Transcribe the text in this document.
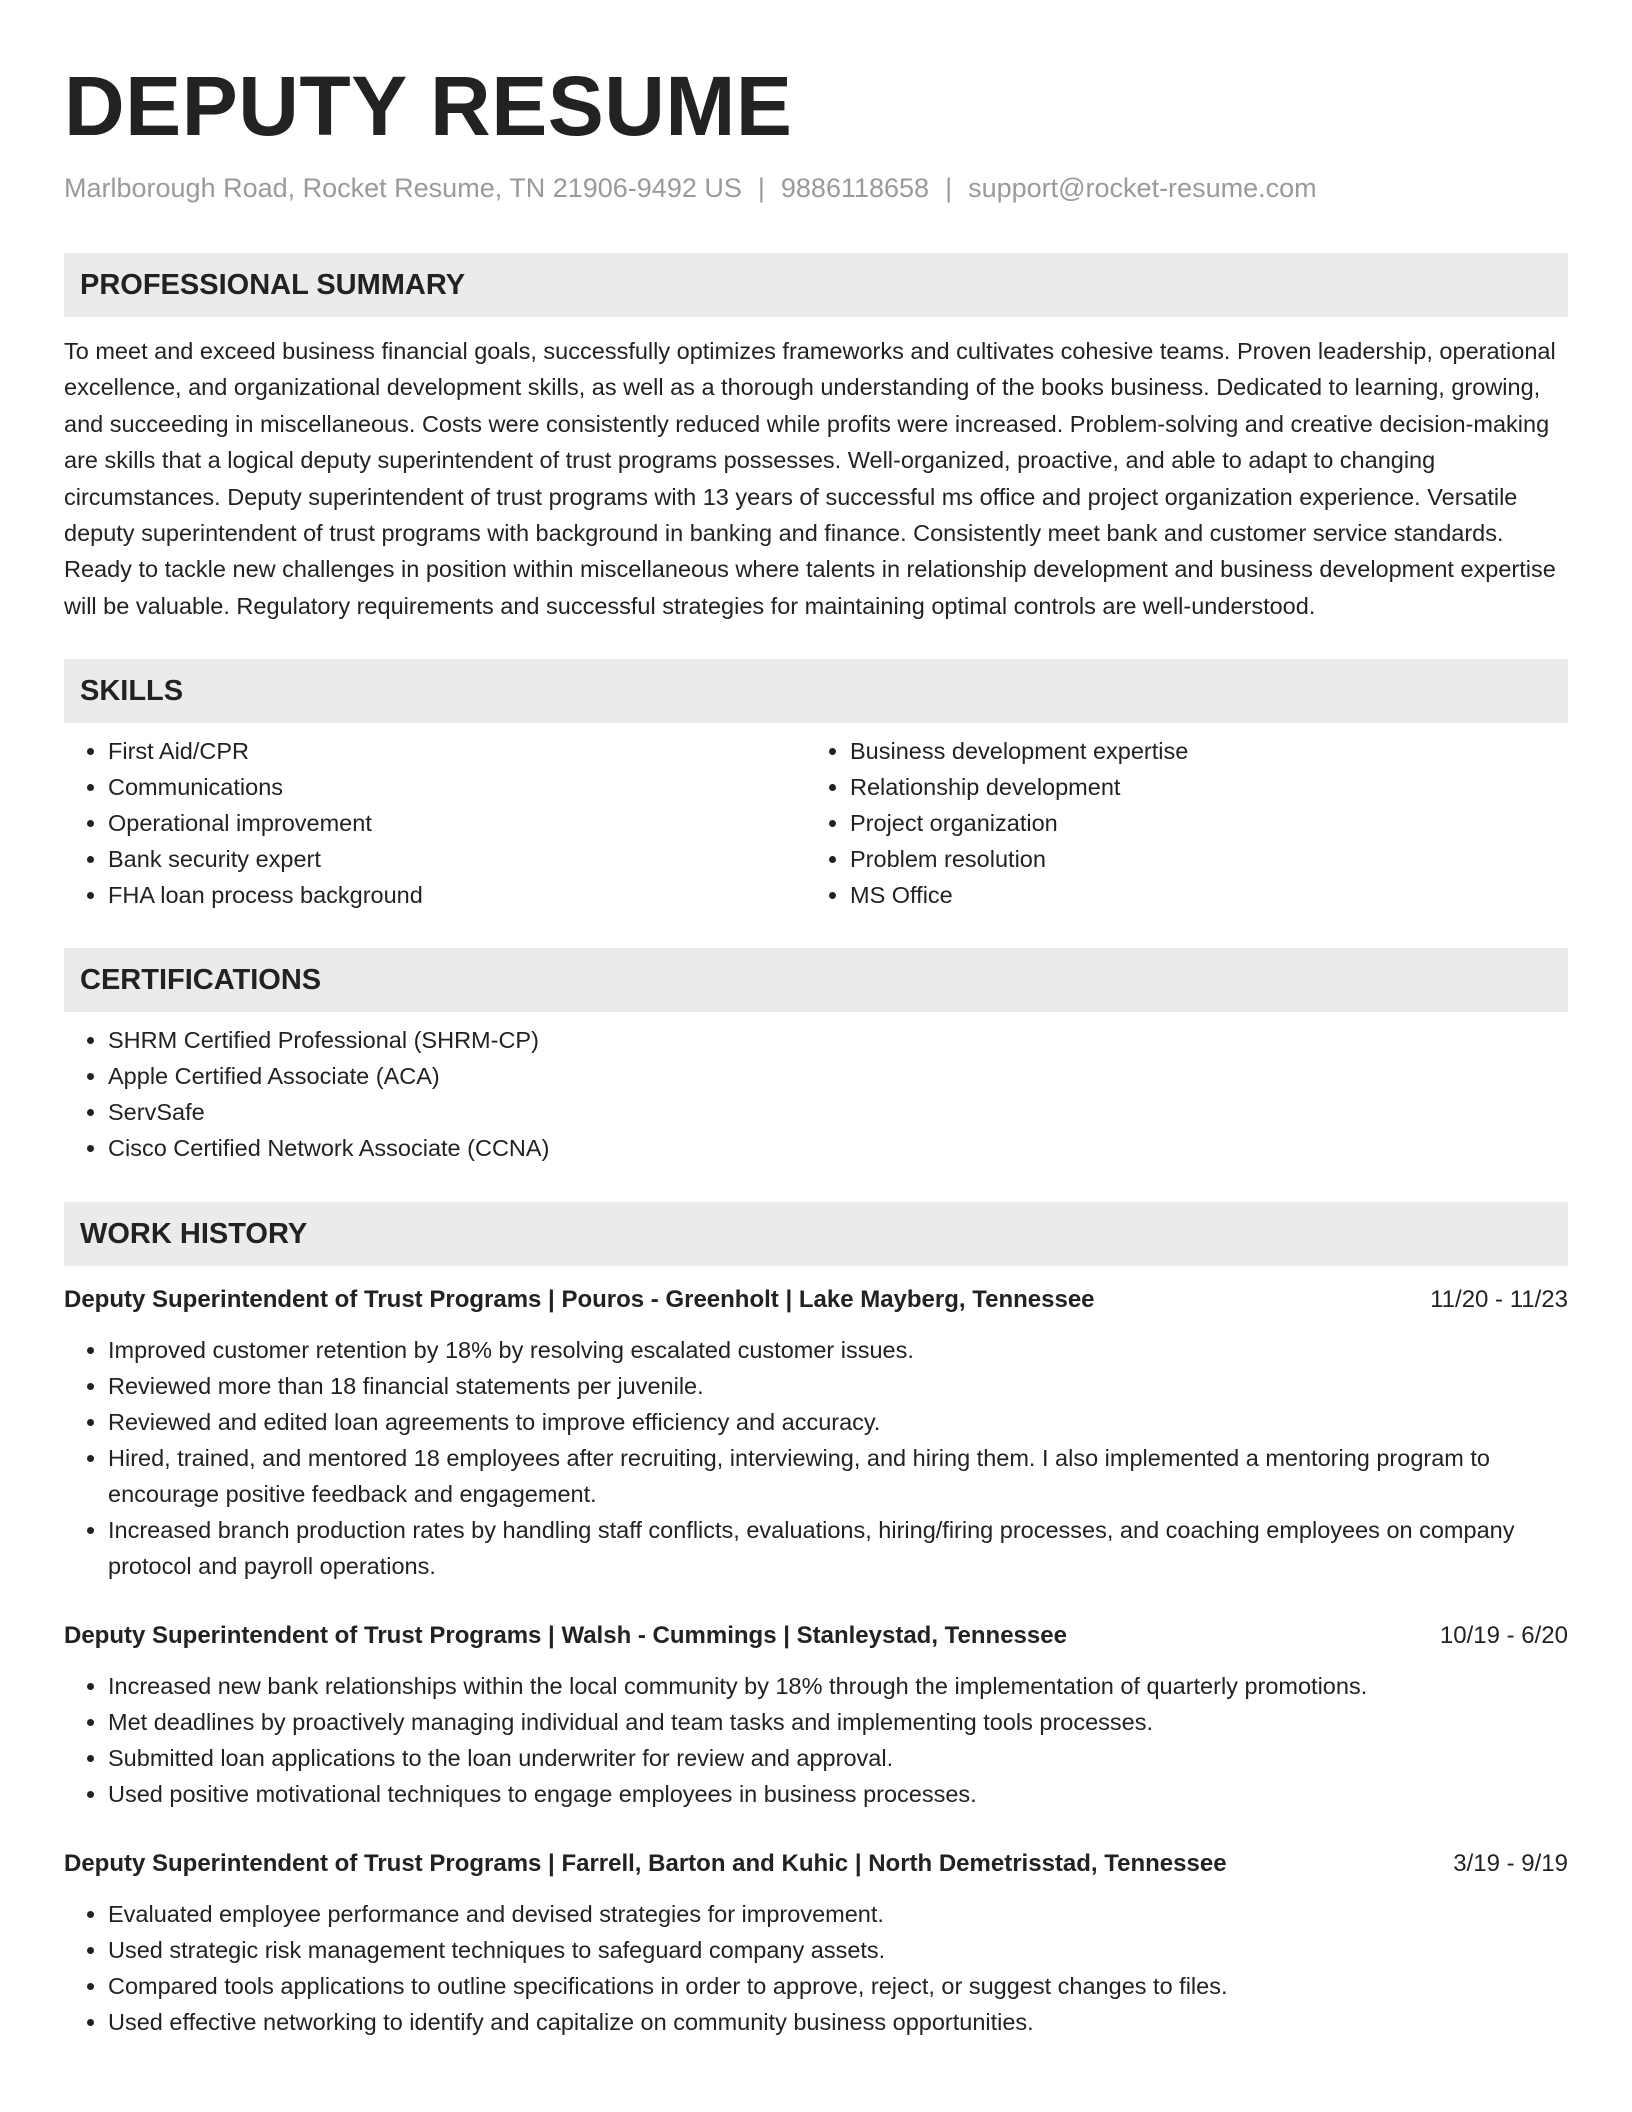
DEPUTY RESUME
Marlborough Road, Rocket Resume, TN 21906-9492 US | 9886118658 | support@rocket-resume.com
PROFESSIONAL SUMMARY

To meet and exceed business financial goals, successfully optimizes frameworks and cultivates cohesive teams. Proven leadership, operational excellence, and organizational development skills, as well as a thorough understanding of the books business. Dedicated to learning, growing, and succeeding in miscellaneous. Costs were consistently reduced while profits were increased. Problem-solving and creative decision-making are skills that a logical deputy superintendent of trust programs possesses. Well-organized, proactive, and able to adapt to changing circumstances. Deputy superintendent of trust programs with 13 years of successful ms office and project organization experience. Versatile deputy superintendent of trust programs with background in banking and finance. Consistently meet bank and customer service standards. Ready to tackle new challenges in position within miscellaneous where talents in relationship development and business development expertise will be valuable. Regulatory requirements and successful strategies for maintaining optimal controls are well-understood.

SKILLS
• First Aid/CPR
• Communications
• Operational improvement
• Bank security expert
• FHA loan process background
• Business development expertise
• Relationship development
• Project organization
• Problem resolution
• MS Office
CERTIFICATIONS
• SHRM Certified Professional (SHRM-CP)
• Apple Certified Associate (ACA)
• ServSafe
• Cisco Certified Network Associate (CCNA)
WORK HISTORY
Deputy Superintendent of Trust Programs | Pouros - Greenholt | Lake Mayberg, Tennessee	11/20 - 11/23
• Improved customer retention by 18% by resolving escalated customer issues.
• Reviewed more than 18 financial statements per juvenile.
• Reviewed and edited loan agreements to improve efficiency and accuracy.
• Hired, trained, and mentored 18 employees after recruiting, interviewing, and hiring them. I also implemented a mentoring program to encourage positive feedback and engagement.
• Increased branch production rates by handling staff conflicts, evaluations, hiring/firing processes, and coaching employees on company protocol and payroll operations.
Deputy Superintendent of Trust Programs | Walsh - Cummings | Stanleystad, Tennessee	10/19 - 6/20
• Increased new bank relationships within the local community by 18% through the implementation of quarterly promotions.
• Met deadlines by proactively managing individual and team tasks and implementing tools processes.
• Submitted loan applications to the loan underwriter for review and approval.
• Used positive motivational techniques to engage employees in business processes.
Deputy Superintendent of Trust Programs | Farrell, Barton and Kuhic | North Demetrisstad, Tennessee	3/19 - 9/19
• Evaluated employee performance and devised strategies for improvement.
• Used strategic risk management techniques to safeguard company assets.
• Compared tools applications to outline specifications in order to approve, reject, or suggest changes to files.
• Used effective networking to identify and capitalize on community business opportunities.
